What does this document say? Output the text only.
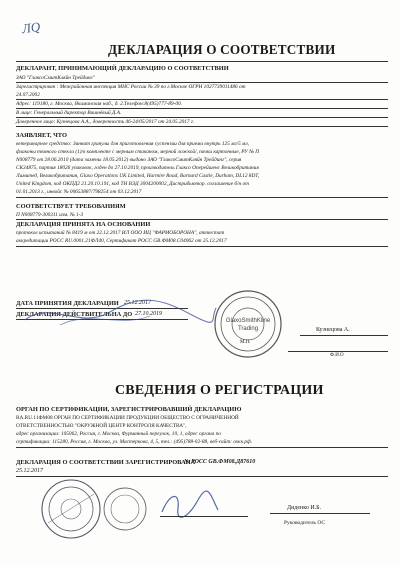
ЛQ
ДЕКЛАРАЦИЯ О СООТВЕТСТВИИ
ДЕКЛАРАНТ, ПРИНИМАЮЩИЙ ДЕКЛАРАЦИЮ О СООТВЕТСТВИИ
ЗАО "ГлаксоСмитКляйн Трейдинг"
Зарегистрирован : Межрайонная инспекция МНС России № 39 по г.Москве ОГРН 1027739011486 от
24.07.2002
Адрес: 119180, г. Москва, Якиманская наб., д. 2.Телефон:8(495)777-89-00.
В лице: Генеральный директор Вишнёвый Д.А.
Доверенное лицо: Кузнецова А.А., доверенность 46-24/05/2017 от 24.05.2017 г.
ЗАЯВЛЯЕТ, ЧТО
ветеринарное средство: Зиннат гранулы для приготовления суспензии для приема внутрь 125 мг/5 мл,
флаконы темного стекла (1)/в комплекте с мерным стаканом, мерной ложкой/, пачки картонные, РУ № П
N008779 от 28.06.2010 (дата замены 18.05.2012) выдано ЗАО "ГлаксоСмитКляйн Трейдинг", серия
СК34875, партия 18026 упаковок, годен до 27.10.2019, производитель Глаксо Оперейшенс Великобритания
Лимитед, Великобритания, Glaxo Operations UK Limited, Harmire Road, Barnard Castle, Durham, DL12 8DT,
United Kingdom, код ОКПД2 21.20.10.191, код ТН ВЭД 3004200002, Дистрибьютор. соглашение б/н от
01.01.2013 г., инвойс № 00653887/798254 от 03.12.2017
СООТВЕТСТВУЕТ ТРЕБОВАНИЯМ
П N008779-300311 изм. № 1-3
ДЕКЛАРАЦИЯ ПРИНЯТА НА ОСНОВАНИИ
протокол испытаний № 8419 м от 22.12.2017 ИЛ ООО ИЦ "ФАРМОБОРОНА", аттестат
аккредитации РОСС RU.0001.21ФЛ40, Сертификат РОСС GB.ФМ08.С04062 от 25.12.2017
ДАТА ПРИНЯТИЯ ДЕКЛАРАЦИИ 25.12.2017
ДЕКЛАРАЦИЯ ДЕЙСТВИТЕЛЬНА ДО 27.10.2019
GlaxoSmithKline
Trading	Кузнецова А.
М.П.
Ф.И.О
СВЕДЕНИЯ О РЕГИСТРАЦИИ
ОРГАН ПО СЕРТИФИКАЦИИ, ЗАРЕГИСТРИРОВАВШИЙ ДЕКЛАРАЦИЮ
RA.RU.11ФМ08 ОРГАН ПО СЕРТИФИКАЦИИ ПРОДУКЦИИ ОБЩЕСТВО С ОГРАНИЧЕННОЙ
ОТВЕТСТВЕННОСТЬЮ "ОКРУЖНОЙ ЦЕНТР КОНТРОЛЯ КАЧЕСТВА",
адрес организации: 105062, Россия, г. Москва, Фурманный переулок, 10, 1, адрес органа по
сертификации: 115280, Россия, г. Москва, ул. Мастеркова, 4, 5, тел.: (495)788-02-88, веб-сайт: охкк.рф.
ДЕКЛАРАЦИЯ О СООТВЕТСТВИИ ЗАРЕГИСТРИРОВАНА
№ РОСС GB.ФМ08.Д87610
25.12.2017
Диденко И.Б.
Руководитель ОС
